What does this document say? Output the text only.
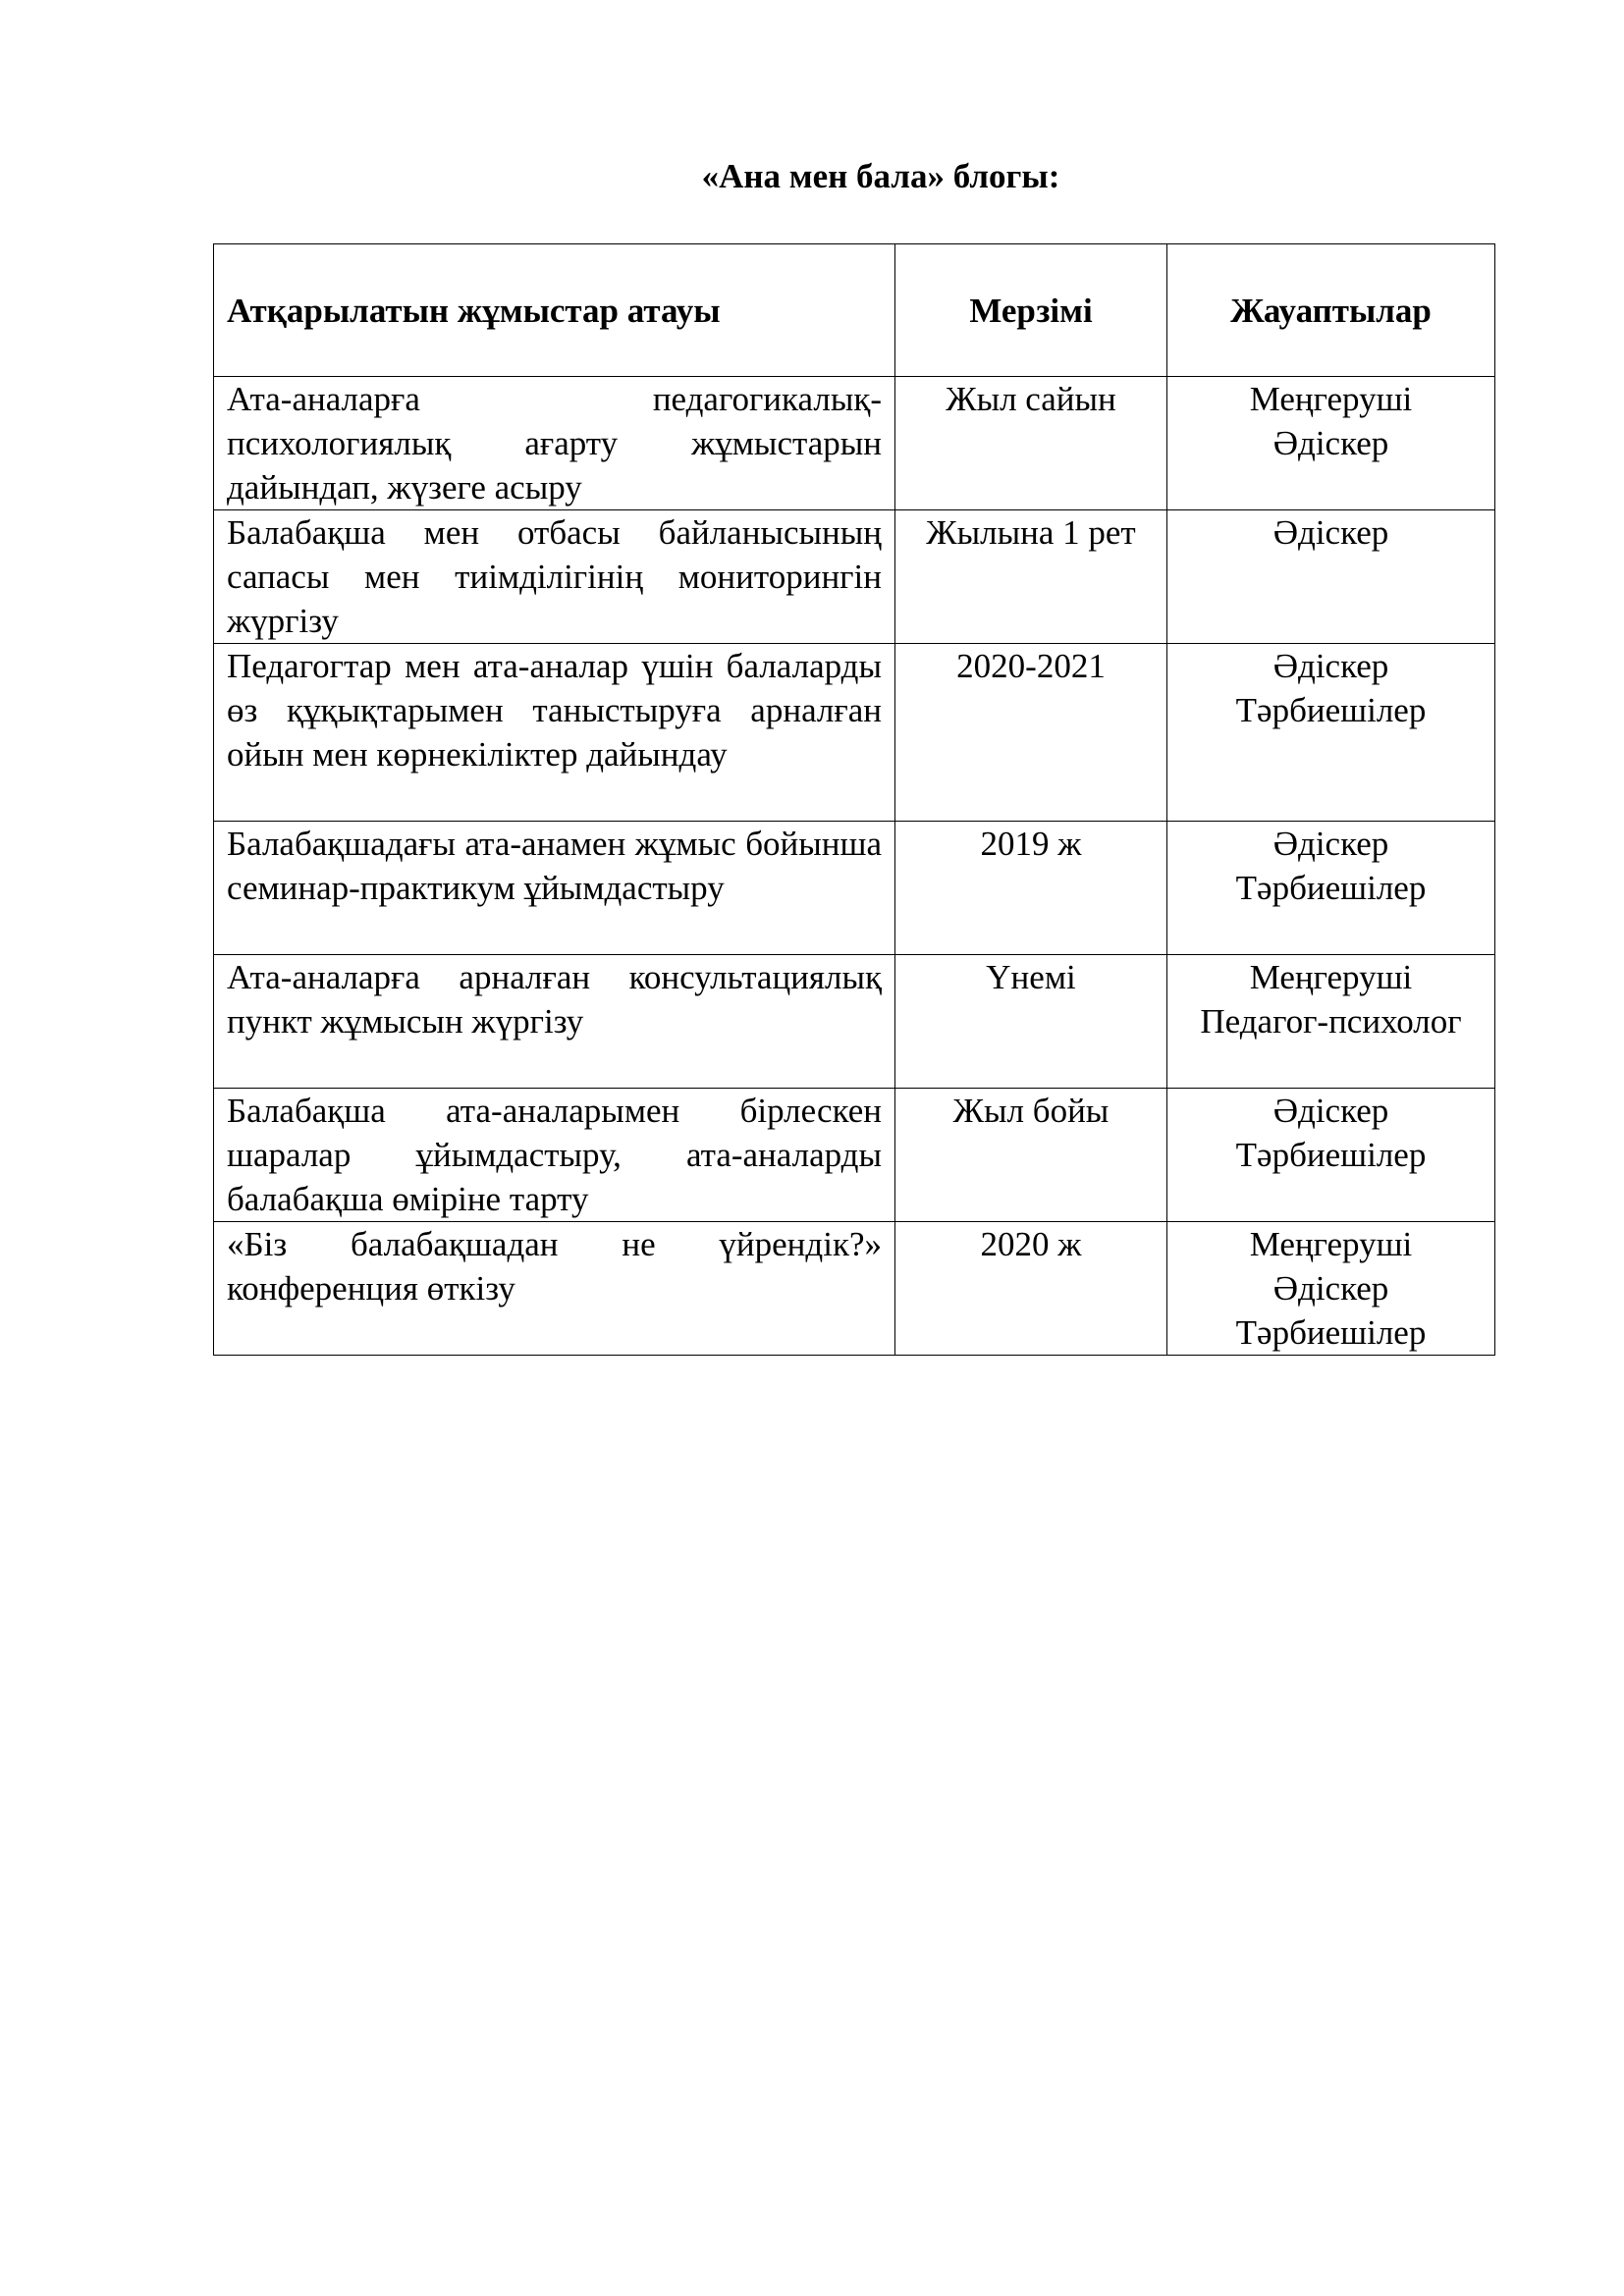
«Ана мен бала» блогы:
Атқарылатын жұмыстар атауы	Мерзімі	Жауаптылар
Ата-аналарға педагогикалық-психологиялық ағарту жұмыстарын дайындап, жүзеге асыру	Жыл сайын	Меңгеруші
Әдіскер

Балабақша мен отбасы байланысының сапасы мен тиімділігінің мониторингін жүргізу	Жылына 1 рет	Әдіскер

Педагогтар мен ата-аналар үшін балаларды өз құқықтарымен таныстыруға арналған ойын мен көрнекіліктер дайындау	2020-2021	Әдіскер
Тәрбиешілер

Балабақшадағы ата-анамен жұмыс бойынша семинар-практикум ұйымдастыру	2019 ж	Әдіскер
Тәрбиешілер

Ата-аналарға арналған консультациялық пункт жұмысын жүргізу	Үнемі	Меңгеруші
Педагог-психолог

Балабақша ата-аналарымен бірлескен шаралар ұйымдастыру, ата-аналарды балабақша өміріне тарту	Жыл бойы	Әдіскер
Тәрбиешілер

«Біз балабақшадан не үйрендік?» конференция өткізу	2020 ж	Меңгеруші
Әдіскер
Тәрбиешілер
